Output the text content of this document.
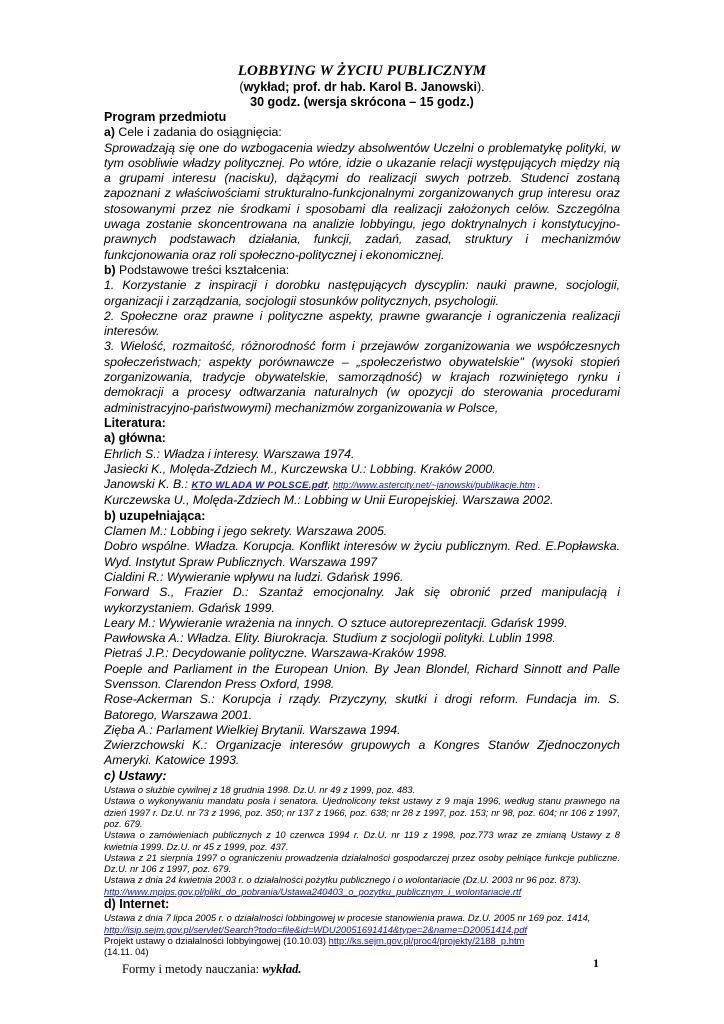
LOBBYING W ŻYCIU PUBLICZNYM
(wykład; prof. dr hab. Karol B. Janowski).
30 godz. (wersja skrócona – 15 godz.)
Program przedmiotu
a) Cele i zadania do osiągnięcia:
Sprowadzają się one do wzbogacenia wiedzy absolwentów Uczelni o problematykę polityki, w tym osobliwie władzy politycznej. Po wtóre, idzie o ukazanie relacji występujących między nią a grupami interesu (nacisku), dążącymi do realizacji swych potrzeb. Studenci zostaną zapoznani z właściwościami strukturalno-funkcjonalnymi zorganizowanych grup interesu oraz stosowanymi przez nie środkami i sposobami dla realizacji założonych celów. Szczególna uwaga zostanie skoncentrowana na analizie lobbyingu, jego doktrynalnych i konstytucyjno-prawnych podstawach działania, funkcji, zadań, zasad, struktury i mechanizmów funkcjonowania oraz roli społeczno-politycznej i ekonomicznej.
b) Podstawowe treści kształcenia:
1. Korzystanie z inspiracji i dorobku następujących dyscyplin: nauki prawne, socjologii, organizacji i zarządzania, socjologii stosunków politycznych, psychologii.
2. Społeczne oraz prawne i polityczne aspekty, prawne gwarancje i ograniczenia realizacji interesów.
3. Wielość, rozmaitość, różnorodność form i przejawów zorganizowania we współczesnych społeczeństwach; aspekty porównawcze – „społeczeństwo obywatelskie" (wysoki stopień zorganizowania, tradycje obywatelskie, samorządność) w krajach rozwiniętego rynku i demokracji a procesy odtwarzania naturalnych (w opozycji do sterowania procedurami administracyjno-państwowymi) mechanizmów zorganizowania w Polsce,
Literatura:
a) główna:
Ehrlich S.: Władza i interesy. Warszawa 1974.
Jasiecki K., Molęda-Zdziech M., Kurczewska U.: Lobbing. Kraków 2000.
Janowski K. B.: KTO WLADA W POLSCE.pdf, http://www.astercity.net/~janowski/publikacje.htm .
Kurczewska U., Molęda-Zdziech M.: Lobbing w Unii Europejskiej. Warszawa 2002.
b) uzupełniająca:
Clamen M.: Lobbing i jego sekrety. Warszawa 2005.
Dobro wspólne. Władza. Korupcja. Konflikt interesów w życiu publicznym. Red. E.Popławska. Wyd. Instytut Spraw Publicznych. Warszawa 1997
Cialdini R.: Wywieranie wpływu na ludzi. Gdańsk 1996.
Forward S., Frazier D.: Szantaż emocjonalny. Jak się obronić przed manipulacją i wykorzystaniem. Gdańsk 1999.
Leary M.: Wywieranie wrażenia na innych. O sztuce autoreprezentacji. Gdańsk 1999.
Pawłowska A.: Władza. Elity. Biurokracja. Studium z socjologii polityki. Lublin 1998.
Pietraś J.P.: Decydowanie polityczne. Warszawa-Kraków 1998.
Poeple and Parliament in the European Union. By Jean Blondel, Richard Sinnott and Palle Svensson. Clarendon Press Oxford, 1998.
Rose-Ackerman S.: Korupcja i rządy. Przyczyny, skutki i drogi reform. Fundacja im. S. Batorego, Warszawa 2001.
Zięba A.: Parlament Wielkiej Brytanii. Warszawa 1994.
Zwierzchowski K.: Organizacje interesów grupowych a Kongres Stanów Zjednoczonych Ameryki. Katowice 1993.
c) Ustawy:
Ustawa o służbie cywilnej z 18 grudnia 1998. Dz.U. nr 49 z 1999, poz. 483.
Ustawa o wykonywaniu mandatu posła i senatora. Ujednolicony tekst ustawy z 9 maja 1996, według stanu prawnego na dzień 1997 r. Dz.U. nr 73 z 1996, poz. 350; nr 137 z 1966, poz. 638; nr 28 z 1997, poz. 153; nr 98, poz. 604; nr 106 z 1997, poz. 679.
Ustawa o zamówieniach publicznych z 10 czerwca 1994 r. Dz.U. nr 119 z 1998, poz.773 wraz ze zmianą Ustawy z 8 kwietnia 1999. Dz.U. nr 45 z 1999, poz. 437.
Ustawa z 21 sierpnia 1997 o ograniczeniu prowadzenia działalności gospodarczej przez osoby pełniące funkcje publiczne. Dz.U. nr 106 z 1997, poz. 679.
Ustawa z dnia 24 kwietnia 2003 r. o działalności pożytku publicznego i o wolontariacie (Dz.U. 2003 nr 96 poz. 873).
http://www.mpips.gov.pl/pliki_do_pobrania/Ustawa240403_o_pozytku_publicznym_i_wolontariacie.rtf
d) Internet:
Ustawa z dnia 7 lipca 2005 r. o działalności lobbingowej w procesie stanowienia prawa. Dz.U. 2005 nr 169 poz. 1414,
http://isip.sejm.gov.pl/servlet/Search?todo=file&id=WDU20051691414&type=2&name=D20051414.pdf
Projekt ustawy o działalności lobbyingowej (10.10.03) http://ks.sejm.gov.pl/proc4/projekty/2188_p.htm
(14.11. 04)
Formy i metody nauczania: wykład.	1
